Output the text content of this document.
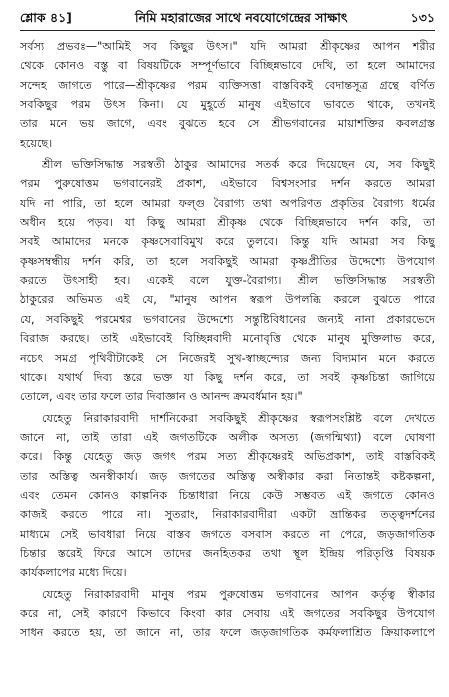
শ্লোক ৪১]	নিমি মহারাজের সাথে নবযোগেন্দ্রের সাক্ষাৎ	১৩১
সর্বস্য প্রভবঃ—"আমিই সব কিছুর উৎস।" যদি আমরা শ্রীকৃষ্ণের আপন শরীর
থেকে কোনও বস্তু বা বিষয়টিকে সম্পূর্ণভাবে বিচ্ছিন্নভাবে দেখি, তা হলে আমাদের
সন্দেহ জাগতে পারে—শ্রীকৃষ্ণের পরম ব্যক্তিসত্তা বাস্তবিকই বেদান্তসূত্র গ্রন্থে বর্ণিত
সবকিছুর পরম উৎস কিনা। যে মুহূর্তে মানুষ এইভাবে ভাবতে থাকে, তখনই
তার মনে ভয় জাগে, এবং বুঝতে হবে সে শ্রীভগবানের মায়াশক্তির কবলগ্রস্ত
হয়েছে।
শ্রীল ভক্তিসিদ্ধান্ত সরস্বতী ঠাকুর আমাদের সতর্ক করে দিয়েছেন যে, সব কিছুই
পরম পুরুষোত্তম ভগবানেরই প্রকাশ, এইভাবে বিশ্বসংসার দর্শন করতে আমরা
যদি না পারি, তা হলে আমরা ফল্গু বৈরাগ্য তথা অপরিণত প্রকৃতির বৈরাগ্য ধর্মের
অধীন হয়ে পড়ব। যা কিছু আমরা শ্রীকৃষ্ণ থেকে বিচ্ছিন্নভাবে দর্শন করি, তা
সবই আমাদের মনকে কৃষ্ণসেবাবিমুখ করে তুলবে। কিন্তু যদি আমরা সব কিছু
কৃষ্ণসম্বন্ধীয় দর্শন করি, তা হলে সবকিছুই আমরা কৃষ্ণপ্রীতির উদ্দেশ্যে উপযোগ
করতে উৎসাহী হব। একেই বলে যুক্ত-বৈরাগ্য। শ্রীল ভক্তিসিদ্ধান্ত সরস্বতী
ঠাকুরের অভিমত এই যে, "মানুষ আপন স্বরূপ উপলব্ধি করলে বুঝতে পারে
যে, সবকিছুই পরমেশ্বর ভগবানের উদ্দেশ্যে সন্তুষ্টিবিধানের জন্যই নানা প্রকারভেদে
বিরাজ করছে। তাই এইভাবেই বিচ্ছিন্নবাদী মনোবৃত্তি থেকে মানুষ মুক্তিলাভ করে,
নচেৎ সমগ্র পৃথিবীটাকেই সে নিজেরই সুখ-স্বাচ্ছন্দ্যের জন্য বিদ্যমান মনে করতে
থাকে। যথার্থ দিব্য স্তরে ভক্ত যা কিছু দর্শন করে, তা সবই কৃষ্ণচিন্তা জাগিয়ে
তোলে, এবং তার ফলে তার দিবাজ্ঞান ও আনন্দ ক্রমবর্ধমান হয়।"
যেহেতু নিরাকারবাদী দার্শনিকেরা সবকিছুই শ্রীকৃষ্ণের স্বরূপসংশ্লিষ্ট বলে দেখতে
জানে না, তাই তারা এই জগতটিকে অলীক অসত্য (জগন্মিথ্যা) বলে ঘোষণা
করে। কিন্তু যেহেতু জড় জগৎ পরম সত্য শ্রীকৃষ্ণেরই অভিপ্রকাশ, তাই বাস্তবিকই
তার অস্তিত্ব অনস্বীকার্য। জড় জগতের অস্তিত্ব অস্বীকার করা নিতান্তই কষ্টকল্পনা,
এবং তেমন কোনও কাল্পনিক চিন্তাধারা নিয়ে কেউ সম্ভবত এই জগতে কোনও
কাজই করতে পারে না। সুতরাং, নিরাকারবাদীরা একটা ভ্রান্তিকর তত্ত্বদর্শনের
মাধ্যমে সেই ভাবধারা নিয়ে বাস্তব জগতে বসবাস করতে না পেরে, জড়জাগতিক
চিন্তার স্তরেই ফিরে আসে তাদের জনহিতকর তথা স্থূল ইন্দ্রিয় পরিতৃপ্তি বিষয়ক
কার্যকলাপের মধ্যে দিয়ে।
যেহেতু নিরাকারবাদী মানুষ পরম পুরুষোত্তম ভগবানের আপন কর্তৃত্ব স্বীকার
করে না, সেই কারণে কিভাবে কিংবা কার সেবায় এই জগতের সবকিছুর উপযোগ
সাধন করতে হয়, তা জানে না, তার ফলে জড়জাগতিক কর্মফলাশ্রিত ক্রিয়াকলাপে
